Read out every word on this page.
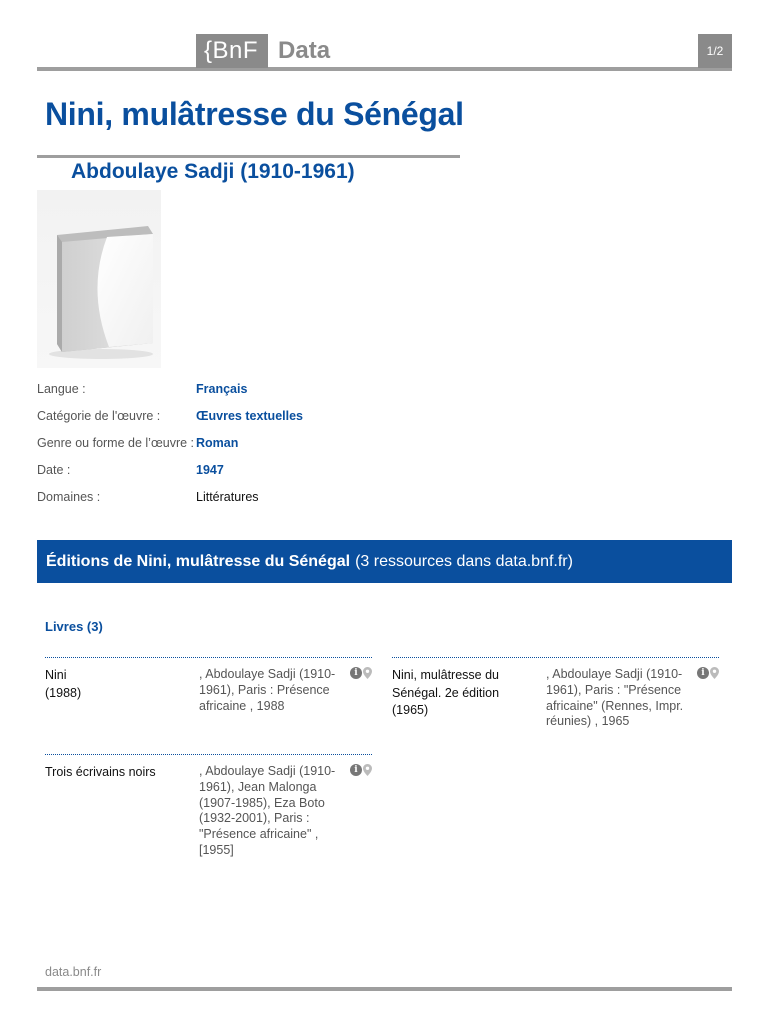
{BnF Data	1/2
Nini, mulâtresse du Sénégal
Abdoulaye Sadji (1910-1961)
Langue :	Français
Catégorie de l'œuvre :	Œuvres textuelles
Genre ou forme de l’œuvre : Roman
Date :	1947
Domaines :	Littératures
Éditions de Nini, mulâtresse du Sénégal (3 ressources dans data.bnf.fr)
Livres (3)
Nini
(1988)
, Abdoulaye Sadji (1910-1961), Paris : Présence africaine , 1988
i	Nini, mulâtresse du Sénégal. 2e édition
(1965)
, Abdoulaye Sadji (1910-1961), Paris : "Présence africaine" (Rennes, Impr. réunies) , 1965
i
Trois écrivains noirs	, Abdoulaye Sadji (1910-1961), Jean Malonga (1907-1985), Eza Boto (1932-2001), Paris : "Présence africaine" , [1955]
i
data.bnf.fr
